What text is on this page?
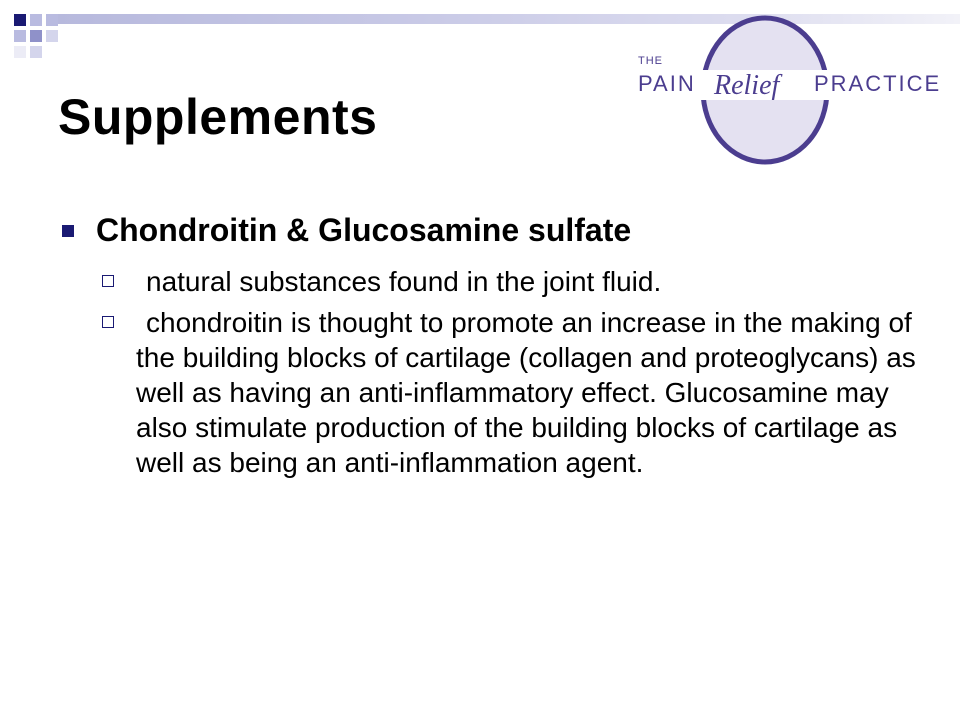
THE
PAIN Relief PRACTICE
Supplements
Chondroitin & Glucosamine sulfate
natural substances found in the joint fluid.
chondroitin is thought to promote an increase in the making of the building blocks of cartilage (collagen and proteoglycans) as well as having an anti-inflammatory effect. Glucosamine may also stimulate production of the building blocks of cartilage as well as being an anti-inflammation agent.
